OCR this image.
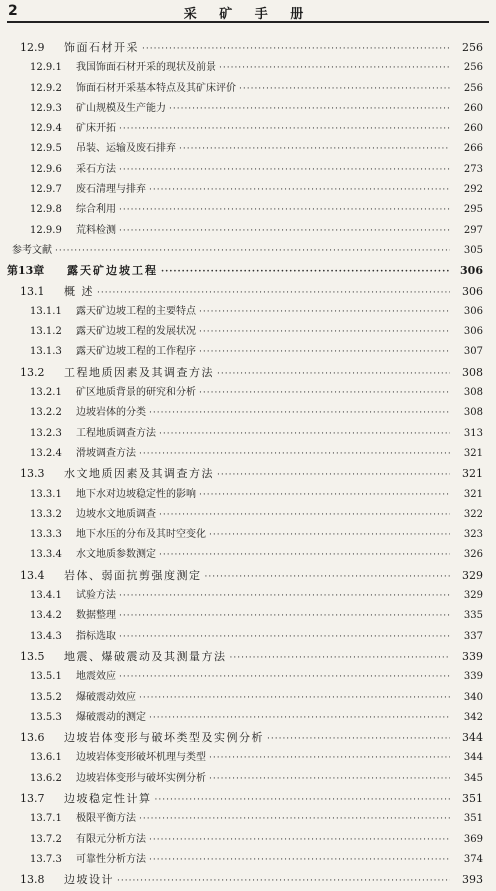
2	采 矿 手 册
12.9	饰面石材开采 ·····	256
12.9.1	我国饰面石材开采的现状及前景 ·····	256
12.9.2	饰面石材开采基本特点及其矿床评价 ·····	256
12.9.3	矿山规模及生产能力 ·····	260
12.9.4	矿床开拓 ·····	260
12.9.5	吊装、运输及废石排弃 ·····	266
12.9.6	采石方法 ·····	273
12.9.7	废石清理与排弃 ·····	292
12.9.8	综合利用 ·····	295
12.9.9	荒料检测 ·····	297
参考文献 ·····	305
第13章	露天矿边坡工程 ·····	306
13.1	概 述 ·····	306
13.1.1	露天矿边坡工程的主要特点 ·····	306
13.1.2	露天矿边坡工程的发展状况 ·····	306
13.1.3	露天矿边坡工程的工作程序 ·····	307
13.2	工程地质因素及其调查方法 ·····	308
13.2.1	矿区地质背景的研究和分析 ·····	308
13.2.2	边坡岩体的分类 ·····	308
13.2.3	工程地质调查方法 ·····	313
13.2.4	滑坡调查方法 ·····	321
13.3	水文地质因素及其调查方法 ·····	321
13.3.1	地下水对边坡稳定性的影响 ·····	321
13.3.2	边坡水文地质调查 ·····	322
13.3.3	地下水压的分布及其时空变化 ·····	323
13.3.4	水文地质参数测定 ·····	326
13.4	岩体、弱面抗剪强度测定 ·····	329
13.4.1	试验方法 ·····	329
13.4.2	数据整理 ·····	335
13.4.3	指标选取 ·····	337
13.5	地震、爆破震动及其测量方法 ·····	339
13.5.1	地震效应 ·····	339
13.5.2	爆破震动效应 ·····	340
13.5.3	爆破震动的测定 ·····	342
13.6	边坡岩体变形与破坏类型及实例分析 ·····	344
13.6.1	边坡岩体变形破坏机理与类型 ·····	344
13.6.2	边坡岩体变形与破坏实例分析 ·····	345
13.7	边坡稳定性计算 ·····	351
13.7.1	极限平衡方法 ·····	351
13.7.2	有限元分析方法 ·····	369
13.7.3	可靠性分析方法 ·····	374
13.8	边坡设计 ·····	393
